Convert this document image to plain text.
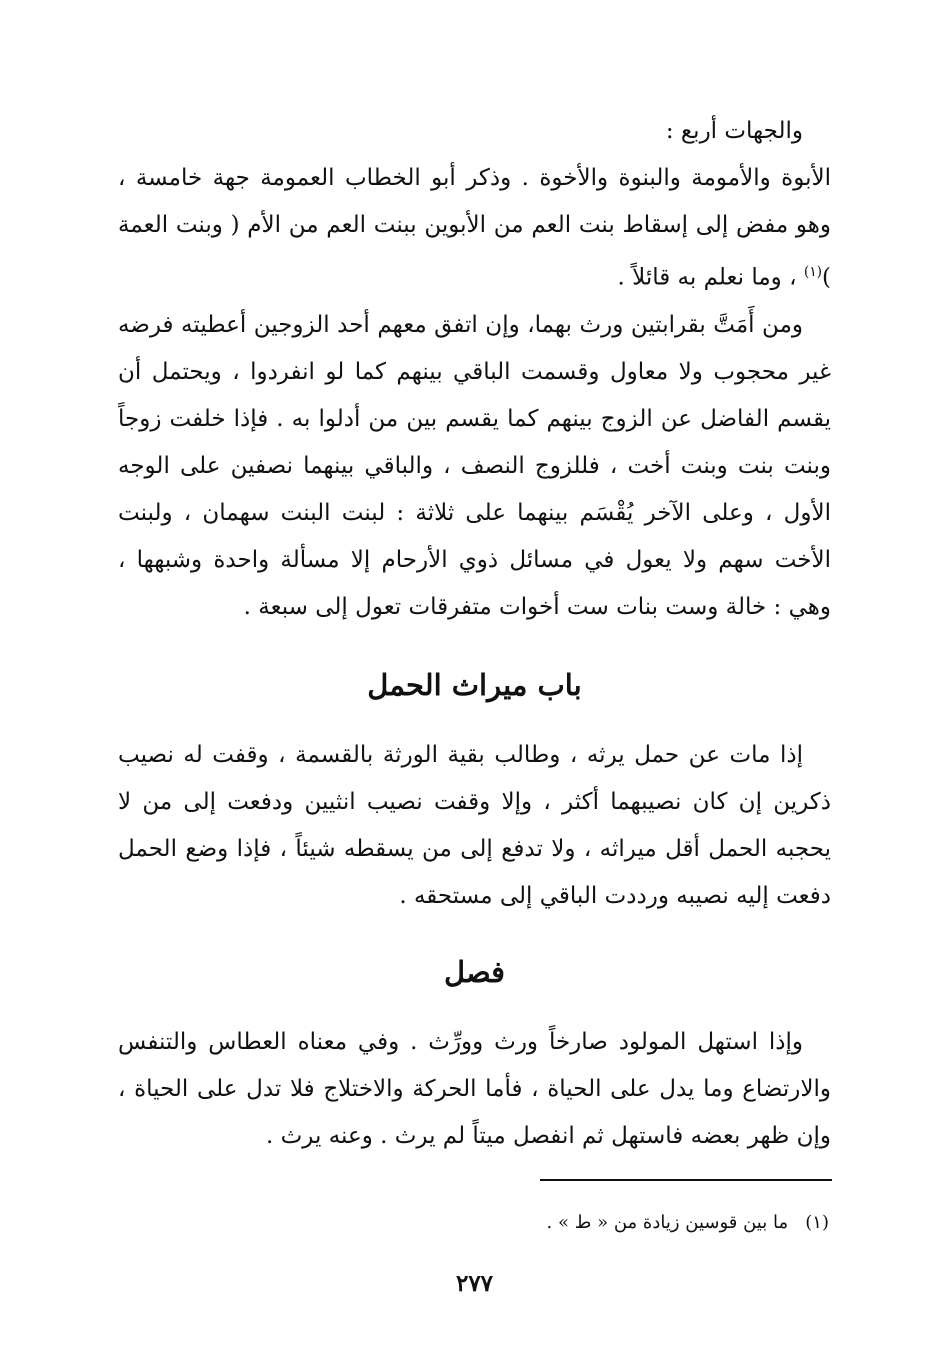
والجهات أربع :

الأبوة والأمومة والبنوة والأخوة . وذكر أبو الخطاب العمومة جهة خامسة ، وهو مفض إلى إسقاط بنت العم من الأبوين ببنت العم من الأم ( وبنت العمة )$^{(١)}$ ، وما نعلم به قائلاً .

ومن أَمَتَّ بقرابتين ورث بهما، وإن اتفق معهم أحد الزوجين أعطيته فرضه غير محجوب ولا معاول وقسمت الباقي بينهم كما لو انفردوا ، ويحتمل أن يقسم الفاضل عن الزوج بينهم كما يقسم بين من أدلوا به . فإذا خلفت زوجاً وبنت بنت وبنت أخت ، فللزوج النصف ، والباقي بينهما نصفين على الوجه الأول ، وعلى الآخر يُقْسَم بينهما على ثلاثة : لبنت البنت سهمان ، ولبنت الأخت سهم ولا يعول في مسائل ذوي الأرحام إلا مسألة واحدة وشبهها ، وهي : خالة وست بنات ست أخوات متفرقات تعول إلى سبعة .

باب ميراث الحمل

إذا مات عن حمل يرثه ، وطالب بقية الورثة بالقسمة ، وقفت له نصيب ذكرين إن كان نصيبهما أكثر ، وإلا وقفت نصيب انثيين ودفعت إلى من لا يحجبه الحمل أقل ميراثه ، ولا تدفع إلى من يسقطه شيئاً ، فإذا وضع الحمل دفعت إليه نصيبه ورددت الباقي إلى مستحقه .

فصل

وإذا استهل المولود صارخاً ورث وورِّث . وفي معناه العطاس والتنفس والارتضاع وما يدل على الحياة ، فأما الحركة والاختلاج فلا تدل على الحياة ، وإن ظهر بعضه فاستهل ثم انفصل ميتاً لم يرث . وعنه يرث .

(١)   ما بين قوسين زيادة من « ط » .

٢٧٧
